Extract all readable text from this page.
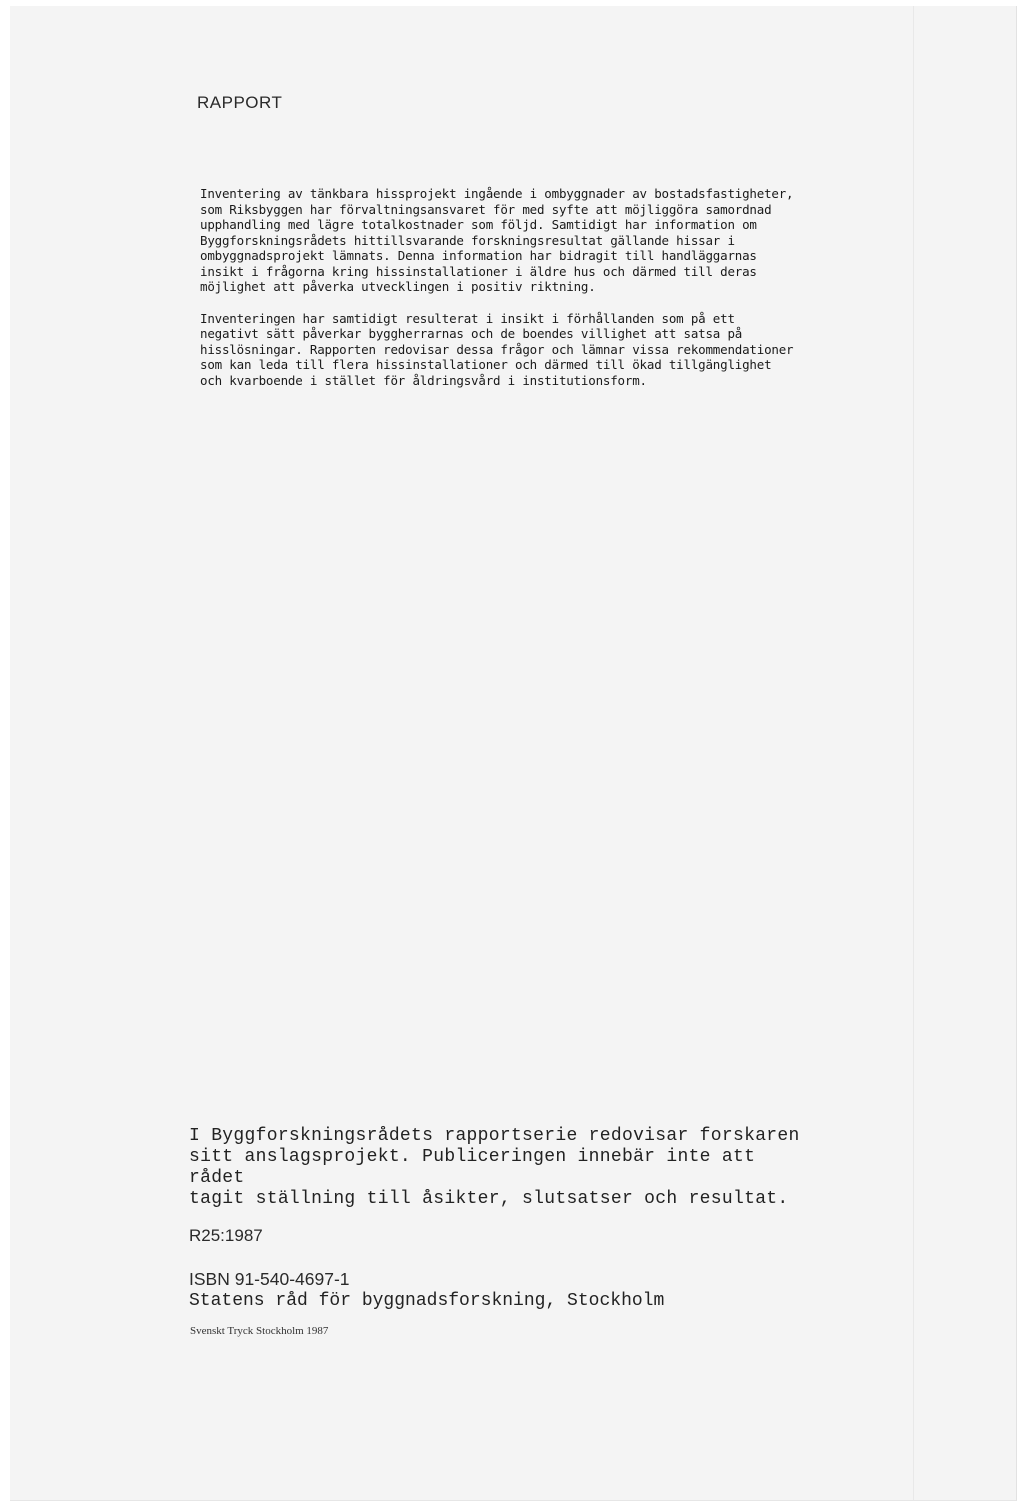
RAPPORT

Inventering av tänkbara hissprojekt ingående i ombyggnader av bostadsfastigheter, som Riksbyggen har förvaltningsansvaret för med syfte att möjliggöra samordnad upphandling med lägre totalkostnader som följd. Samtidigt har information om Byggforskningsrådets hittillsvarande forskningsresultat gällande hissar i ombyggnadsprojekt lämnats. Denna information har bidragit till handläggarnas insikt i frågorna kring hissinstallationer i äldre hus och därmed till deras möjlighet att påverka utvecklingen i positiv riktning.

Inventeringen har samtidigt resulterat i insikt i förhållanden som på ett negativt sätt påverkar byggherrarnas och de boendes villighet att satsa på hisslösningar. Rapporten redovisar dessa frågor och lämnar vissa rekommendationer som kan leda till flera hissinstallationer och därmed till ökad tillgänglighet och kvarboende i stället för åldringsvård i institutionsform.

I Byggforskningsrådets rapportserie redovisar forskaren

sitt anslagsprojekt. Publiceringen innebär inte att rådet

tagit ställning till åsikter, slutsatser och resultat.

R25:1987
ISBN 91-540-4697-1
Statens råd för byggnadsforskning, Stockholm
Svenskt Tryck Stockholm 1987
